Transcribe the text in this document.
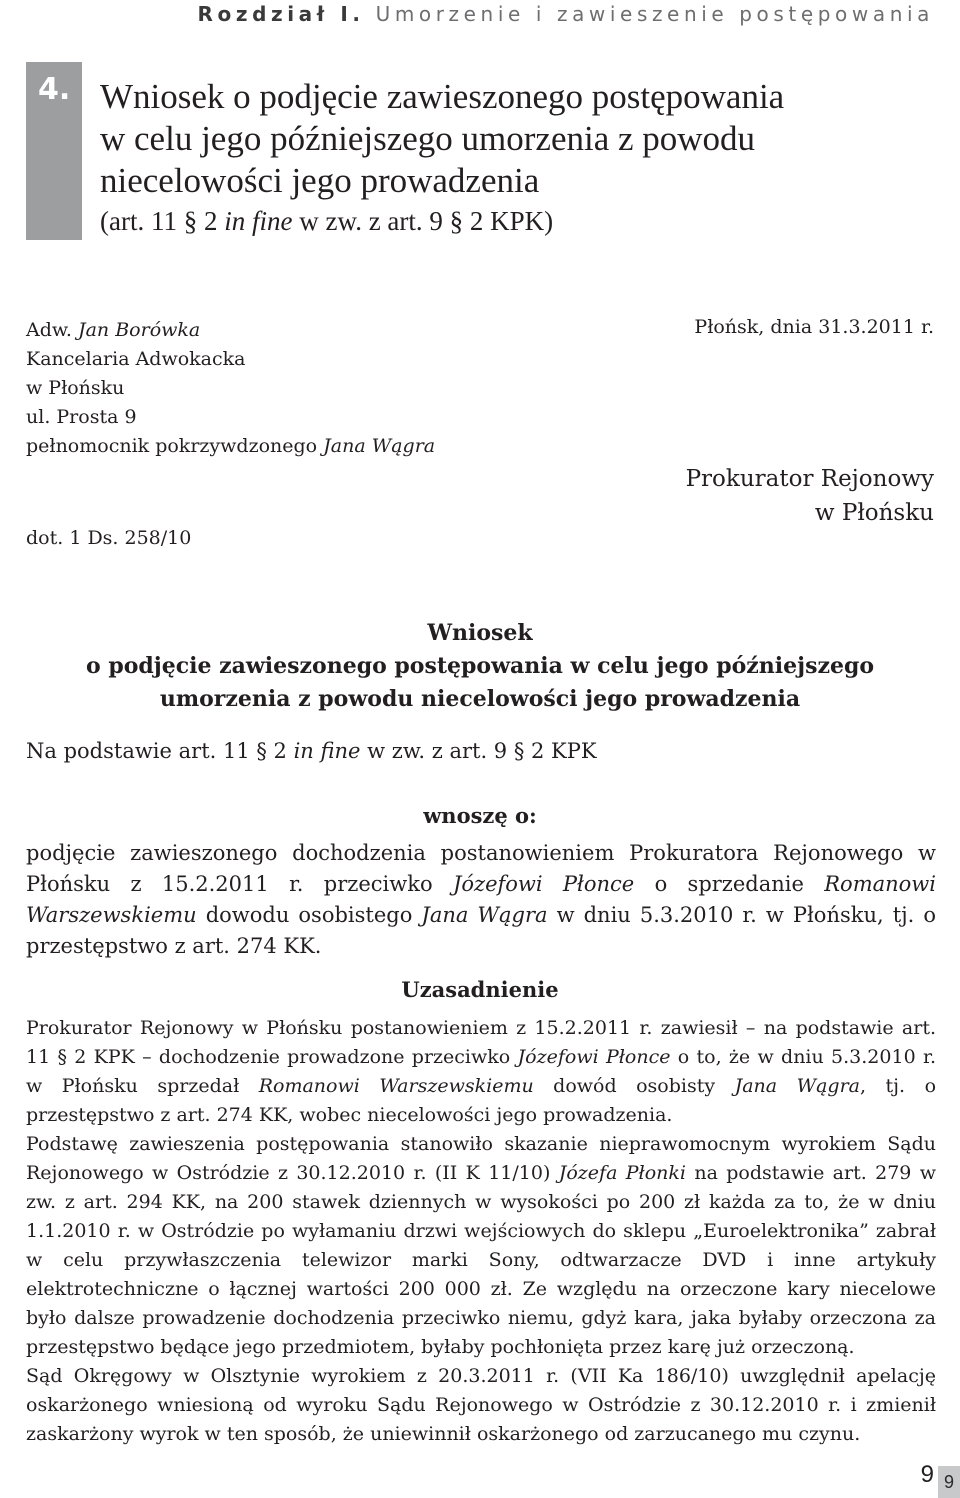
Rozdział I. Umorzenie i zawieszenie postępowania
4. Wniosek o podjęcie zawieszonego postępowania
w celu jego późniejszego umorzenia z powodu
niecelowości jego prowadzenia
(art. 11 § 2 in fine w zw. z art. 9 § 2 KPK)
Adw. Jan Borówka
Kancelaria Adwokacka
w Płońsku
ul. Prosta 9
pełnomocnik pokrzywdzonego Jana Wągra
dot. 1 Ds. 258/10
Płońsk, dnia 31.3.2011 r.
Prokurator Rejonowy
w Płońsku
Wniosek
o podjęcie zawieszonego postępowania w celu jego późniejszego
umorzenia z powodu niecelowości jego prowadzenia
Na podstawie art. 11 § 2 in fine w zw. z art. 9 § 2 KPK
wnoszę o:
podjęcie zawieszonego dochodzenia postanowieniem Prokuratora Rejonowego w Płońsku z 15.2.2011 r. przeciwko Józefowi Płonce o sprzedanie Romanowi Warszewskiemu dowodu osobistego Jana Wągra w dniu 5.3.2010 r. w Płońsku, tj. o przestępstwo z art. 274 KK.
Uzasadnienie

Prokurator Rejonowy w Płońsku postanowieniem z 15.2.2011 r. zawiesił – na podstawie art. 11 § 2 KPK – dochodzenie prowadzone przeciwko Józefowi Płonce o to, że w dniu 5.3.2010 r. w Płońsku sprzedał Romanowi Warszewskiemu dowód osobisty Jana Wągra, tj. o przestępstwo z art. 274 KK, wobec niecelowości jego prowadzenia.

Podstawę zawieszenia postępowania stanowiło skazanie nieprawomocnym wyrokiem Sądu Rejonowego w Ostródzie z 30.12.2010 r. (II K 11/10) Józefa Płonki na podstawie art. 279 w zw. z art. 294 KK, na 200 stawek dziennych w wysokości po 200 zł każda za to, że w dniu 1.1.2010 r. w Ostródzie po wyłamaniu drzwi wejściowych do sklepu „Euroelektronika” zabrał w celu przywłaszczenia telewizor marki Sony, odtwarzacze DVD i inne artykuły elektrotechniczne o łącznej wartości 200 000 zł. Ze względu na orzeczone kary niecelowe było dalsze prowadzenie dochodzenia przeciwko niemu, gdyż kara, jaka byłaby orzeczona za przestępstwo będące jego przedmiotem, byłaby pochłonięta przez karę już orzeczoną.

Sąd Okręgowy w Olsztynie wyrokiem z 20.3.2011 r. (VII Ka 186/10) uwzględnił apelację oskarżonego wniesioną od wyroku Sądu Rejonowego w Ostródzie z 30.12.2010 r. i zmienił zaskarżony wyrok w ten sposób, że uniewinnił oskarżonego od zarzucanego mu czynu.

9 9
